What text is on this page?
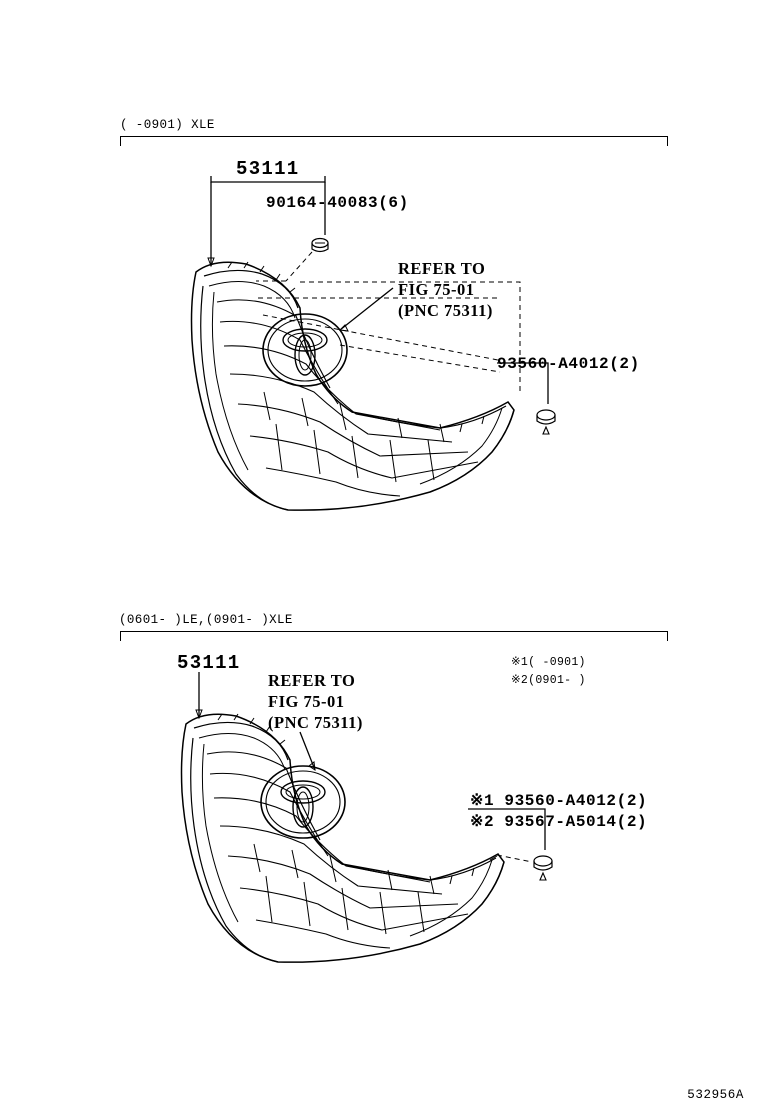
( -0901) XLE
53111
90164-40083(6)
REFER TO
FIG 75-01
(PNC 75311)
93560-A4012(2)
(0601- )LE,(0901- )XLE
53111
REFER TO
FIG 75-01
(PNC 75311)
※1( -0901)
※2(0901- )
※1 93560-A4012(2)
※2 93567-A5014(2)
532956A
